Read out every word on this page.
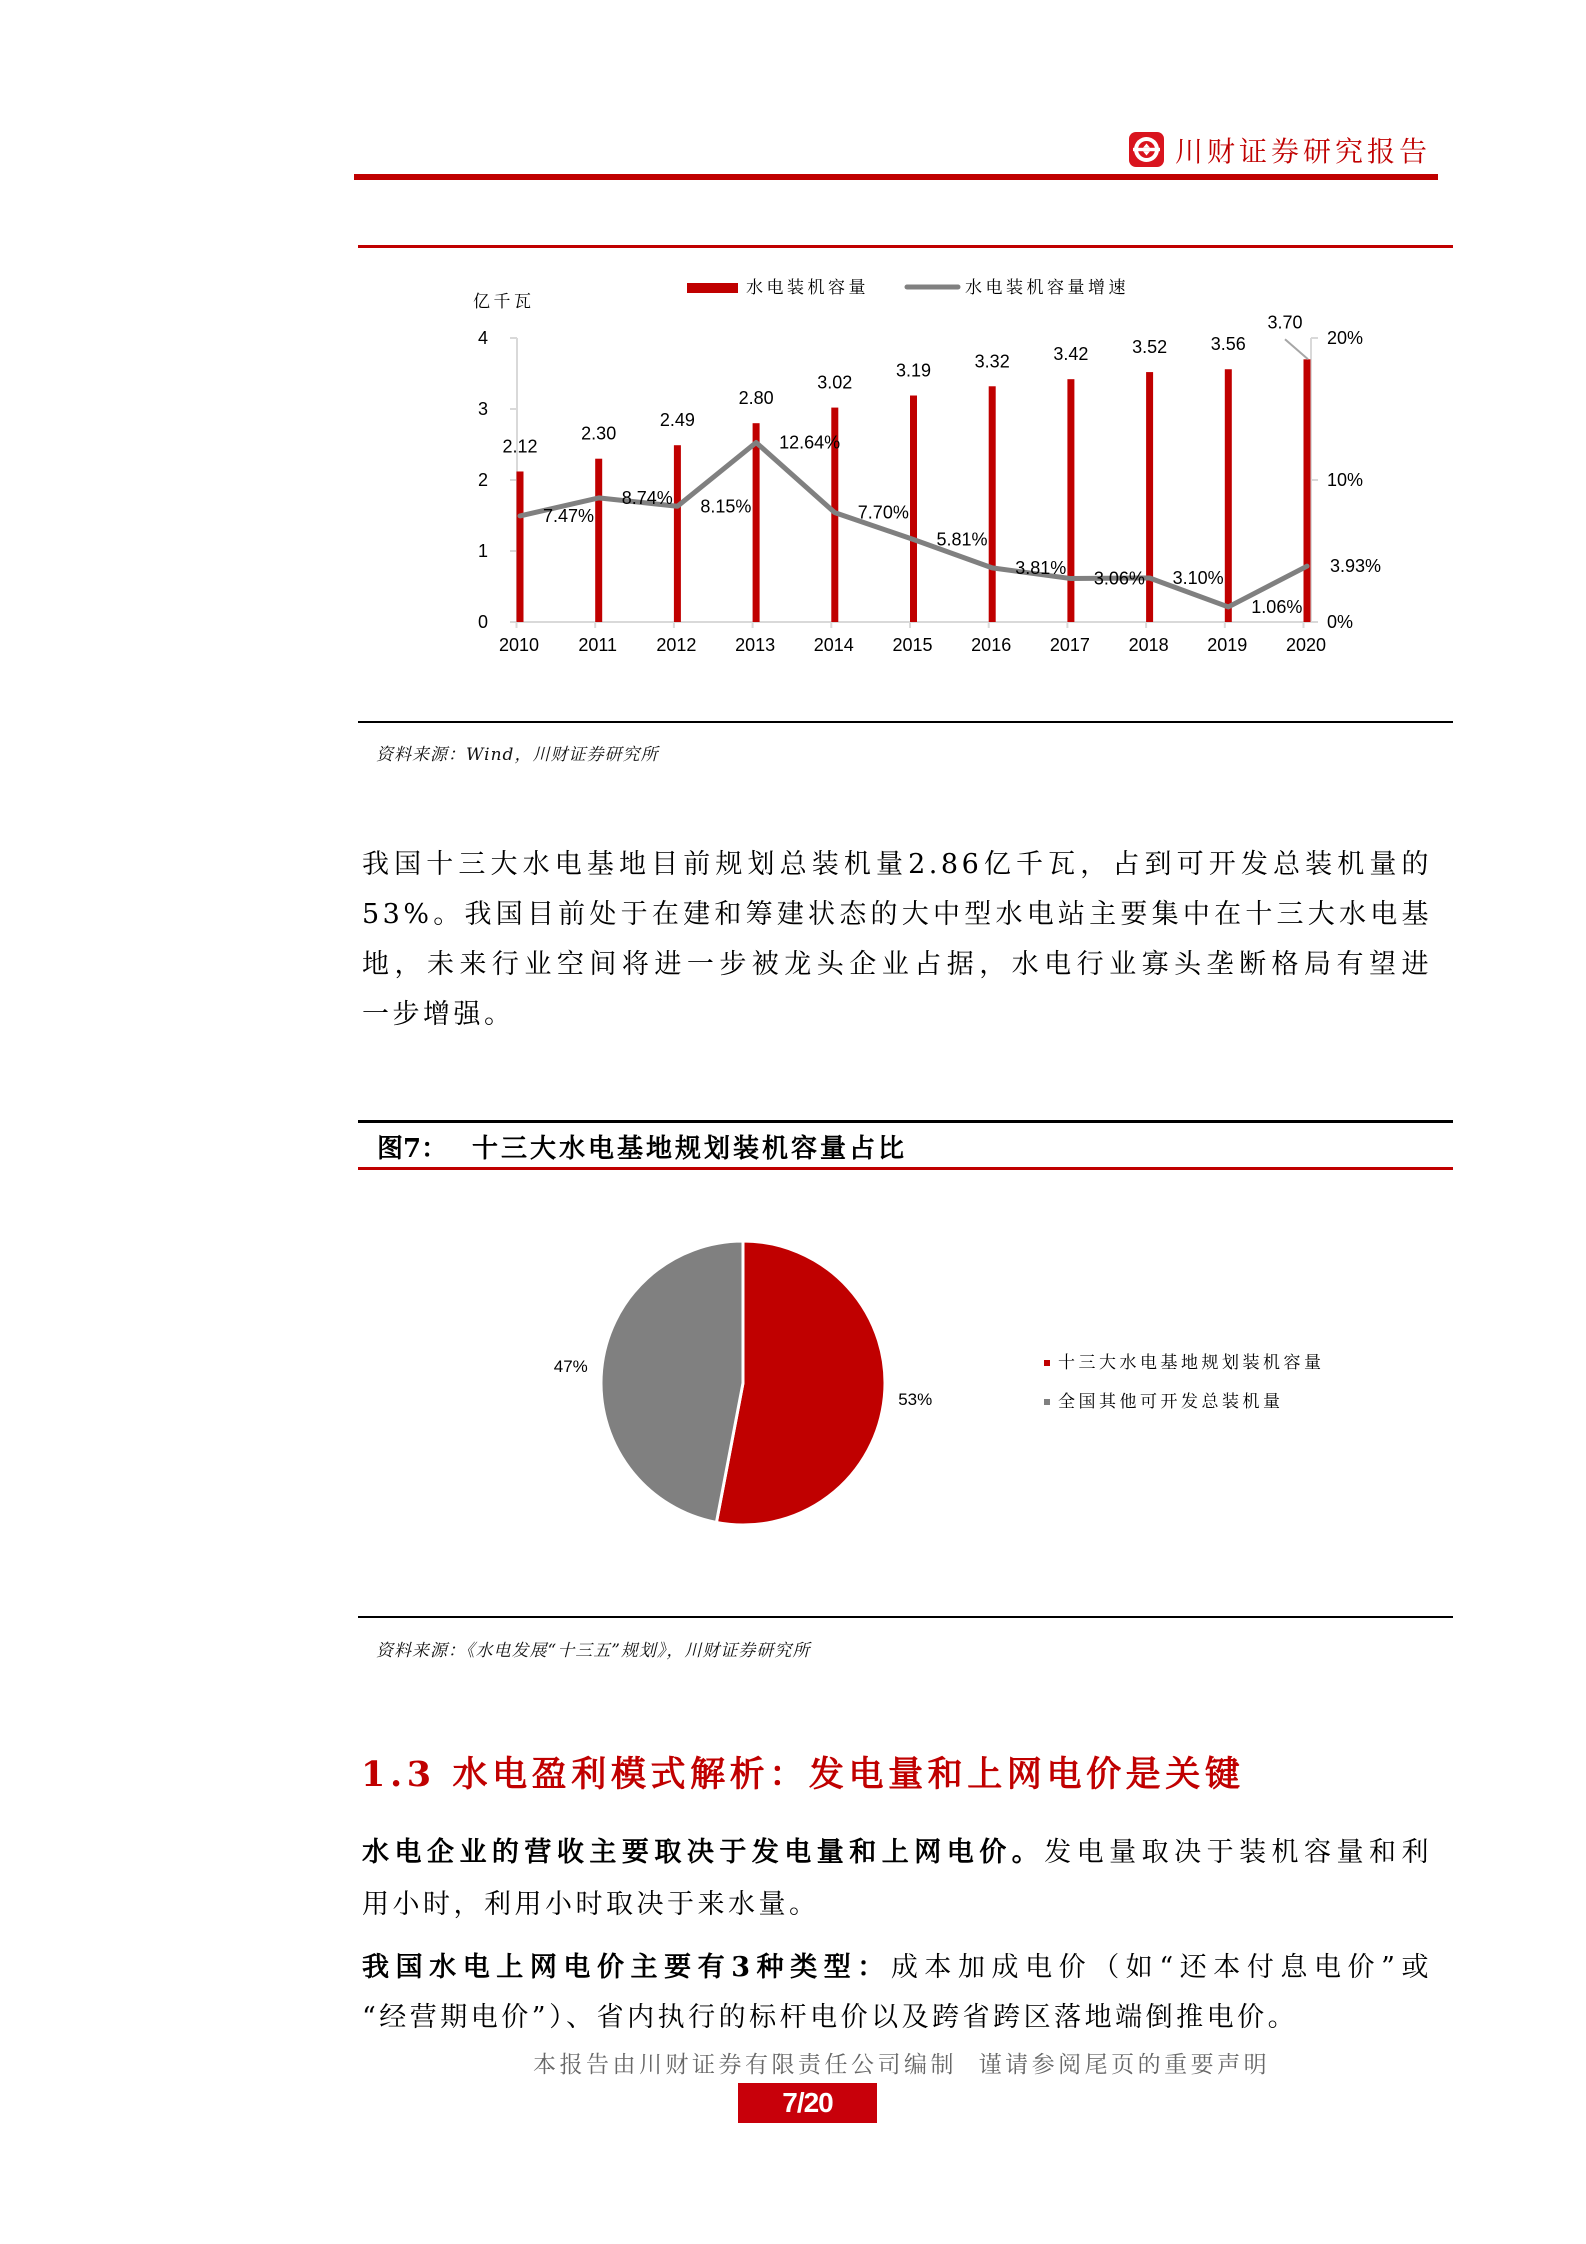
川财证券研究报告
0
1
2
3
4
0%
10%
20%
2010 2011 2012 2013 2014 2015 2016 2017 2018 2019 2020
亿千瓦
2.12
2.30
2.49
2.80
3.02
3.19 3.32 3.42 3.52 3.56
3.70
7.47%
8.74% 8.15%
12.64%
7.70%
5.81%
3.81%
3.06% 3.10%
1.06%
3.93%
水电装机容量	水电装机容量增速
资料来源：Wind，川财证券研究所
我国十三大水电基地目前规划总装机量2.86亿千瓦，占到可开发总装机量的
53%。我国目前处于在建和筹建状态的大中型水电站主要集中在十三大水电基
地，未来行业空间将进一步被龙头企业占据，水电行业寡头垄断格局有望进
一步增强。
图7： 十三大水电基地规划装机容量占比
53%
47%	十三大水电基地规划装机容量
全国其他可开发总装机量
资料来源：《水电发展“十三五”规划》，川财证券研究所
1.3 水电盈利模式解析：发电量和上网电价是关键
水电企业的营收主要取决于发电量和上网电价。发电量取决于装机容量和利
用小时，利用小时取决于来水量。
我国水电上网电价主要有3种类型：成本加成电价（如“还本付息电价”或
“经营期电价”）、省内执行的标杆电价以及跨省跨区落地端倒推电价。
本报告由川财证券有限责任公司编制  谨请参阅尾页的重要声明
7/20
